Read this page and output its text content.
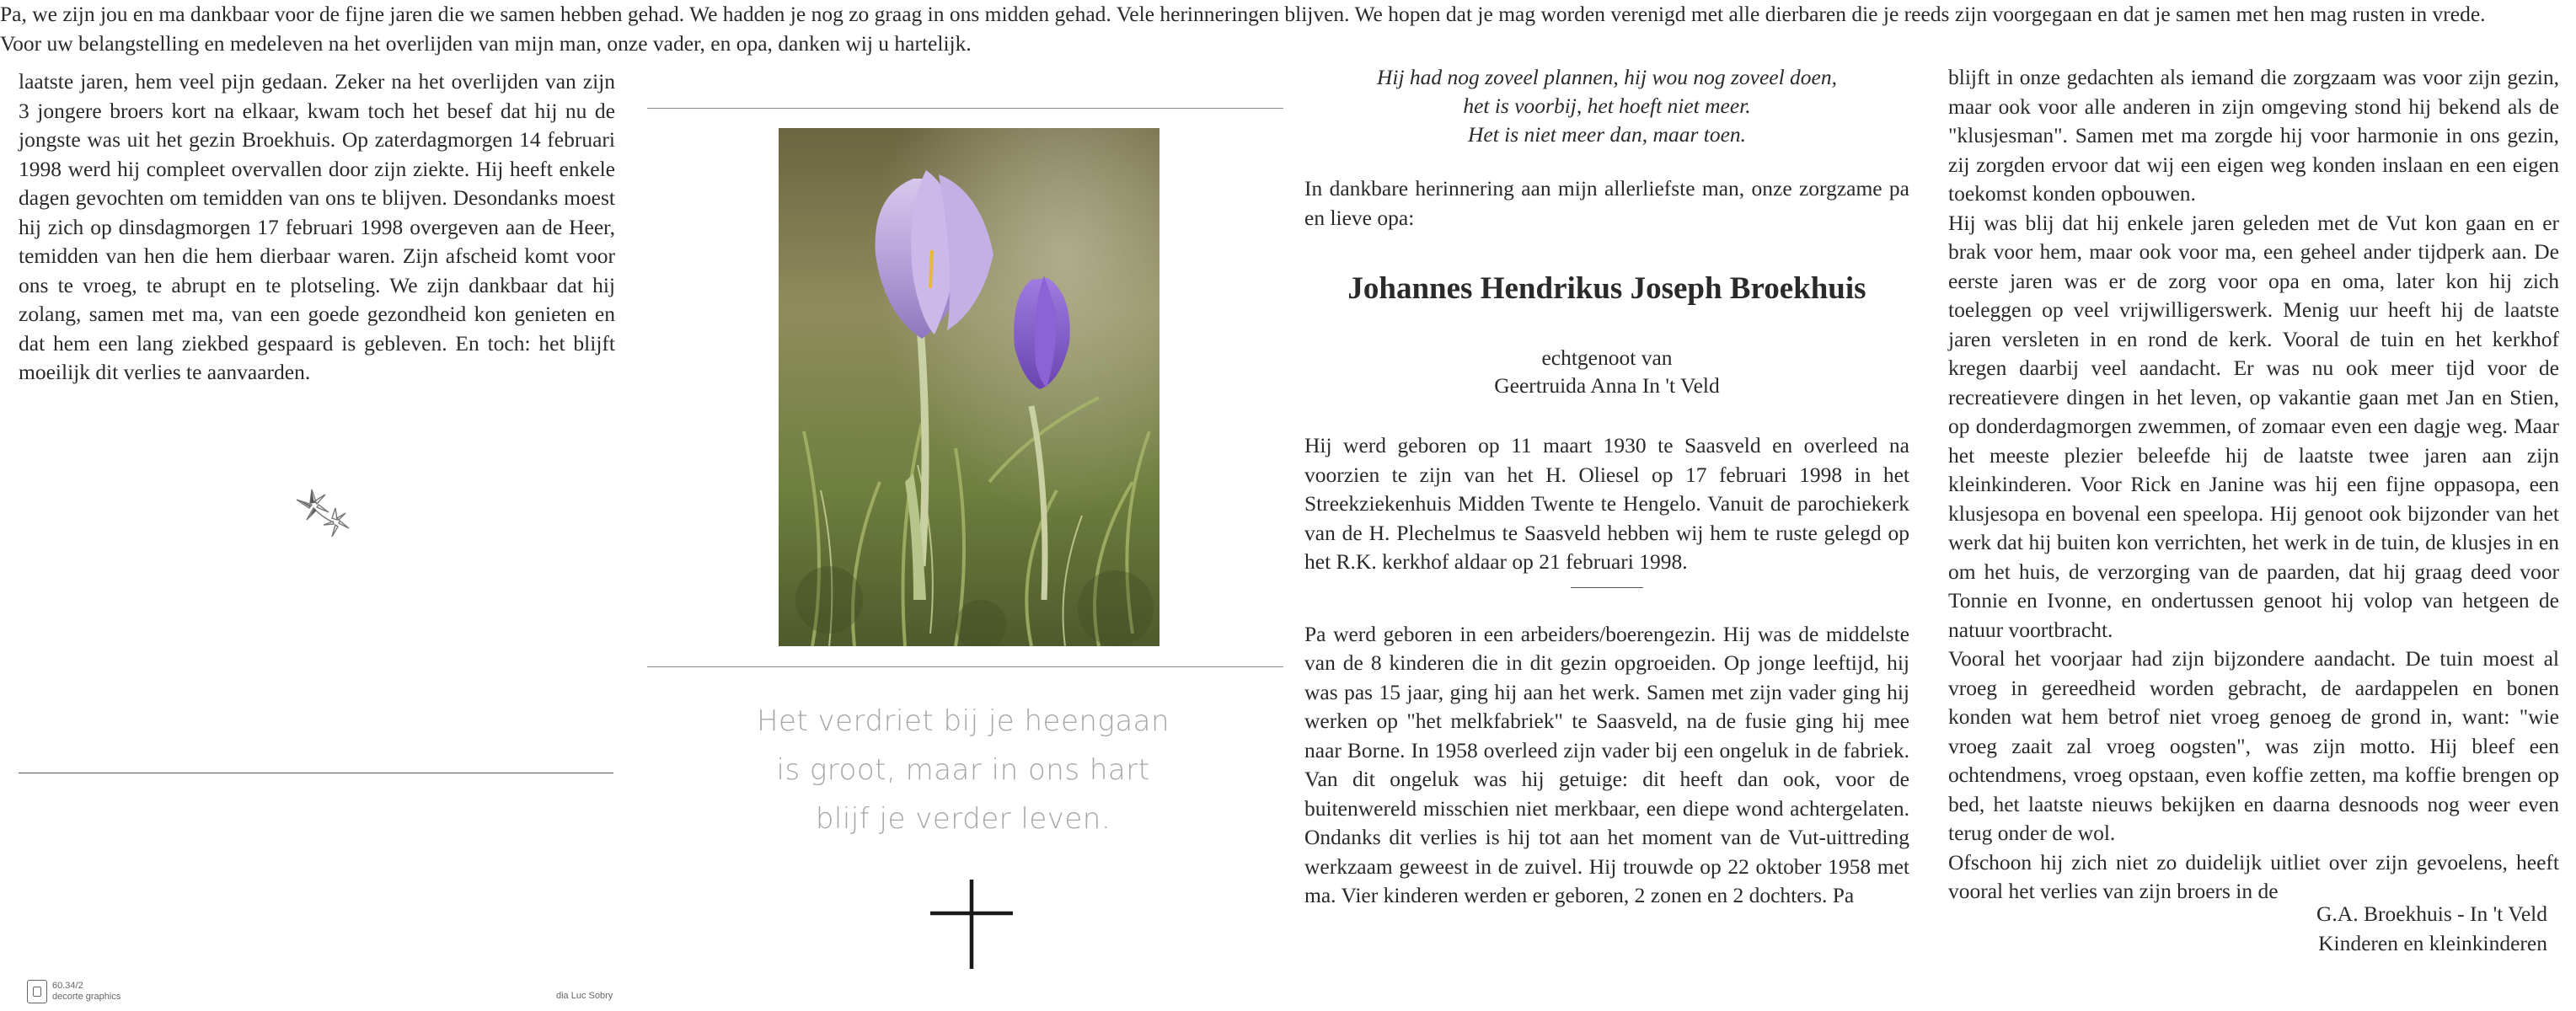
laatste jaren, hem veel pijn gedaan. Zeker na het overlijden van zijn 3 jongere broers kort na elkaar, kwam toch het besef dat hij nu de jongste was uit het gezin Broekhuis. Op zaterdagmorgen 14 februari 1998 werd hij compleet overvallen door zijn ziekte. Hij heeft enkele dagen gevochten om temidden van ons te blijven. Desondanks moest hij zich op dinsdagmorgen 17 februari 1998 overgeven aan de Heer, temidden van hen die hem dierbaar waren. Zijn afscheid komt voor ons te vroeg, te abrupt en te plotseling. We zijn dankbaar dat hij zolang, samen met ma, van een goede gezondheid kon genieten en dat hem een lang ziekbed gespaard is gebleven. En toch: het blijft moeilijk dit verlies te aanvaarden.

Pa, we zijn jou en ma dankbaar voor de fijne jaren die we samen hebben gehad. We hadden je nog zo graag in ons midden gehad. Vele herinneringen blijven. We hopen dat je mag worden verenigd met alle dierbaren die je reeds zijn voorgegaan en dat je samen met hen mag rusten in vrede.

Voor uw belangstelling en medeleven na het overlijden van mijn man, onze vader, en opa, danken wij u hartelijk.

G.A. Broekhuis - In 't Veld
Kinderen en kleinkinderen
60.34/2
decorte graphics	dia Luc Sobry
Het verdriet bij je heengaan
is groot, maar in ons hart
blijf je verder leven.
Hij had nog zoveel plannen, hij wou nog zoveel doen,
het is voorbij, het hoeft niet meer.
Het is niet meer dan, maar toen.

In dankbare herinnering aan mijn allerliefste man, onze zorgzame pa en lieve opa:

Johannes Hendrikus Joseph Broekhuis
echtgenoot van
Geertruida Anna In 't Veld

Hij werd geboren op 11 maart 1930 te Saasveld en overleed na voorzien te zijn van het H. Oliesel op 17 februari 1998 in het Streekziekenhuis Midden Twente te Hengelo. Vanuit de parochiekerk van de H. Plechelmus te Saasveld hebben wij hem te ruste gelegd op het R.K. kerkhof aldaar op 21 februari 1998.

Pa werd geboren in een arbeiders/boerengezin. Hij was de middelste van de 8 kinderen die in dit gezin opgroeiden. Op jonge leeftijd, hij was pas 15 jaar, ging hij aan het werk. Samen met zijn vader ging hij werken op "het melkfabriek" te Saasveld, na de fusie ging hij mee naar Borne. In 1958 overleed zijn vader bij een ongeluk in de fabriek. Van dit ongeluk was hij getuige: dit heeft dan ook, voor de buitenwereld misschien niet merkbaar, een diepe wond achtergelaten. Ondanks dit verlies is hij tot aan het moment van de Vut-uittreding werkzaam geweest in de zuivel. Hij trouwde op 22 oktober 1958 met ma. Vier kinderen werden er geboren, 2 zonen en 2 dochters. Pa

blijft in onze gedachten als iemand die zorgzaam was voor zijn gezin, maar ook voor alle anderen in zijn omgeving stond hij bekend als de "klusjesman". Samen met ma zorgde hij voor harmonie in ons gezin, zij zorgden ervoor dat wij een eigen weg konden inslaan en een eigen toekomst konden opbouwen.

Hij was blij dat hij enkele jaren geleden met de Vut kon gaan en er brak voor hem, maar ook voor ma, een geheel ander tijdperk aan. De eerste jaren was er de zorg voor opa en oma, later kon hij zich toeleggen op veel vrijwilligerswerk. Menig uur heeft hij de laatste jaren versleten in en rond de kerk. Vooral de tuin en het kerkhof kregen daarbij veel aandacht. Er was nu ook meer tijd voor de recreatievere dingen in het leven, op vakantie gaan met Jan en Stien, op donderdagmorgen zwemmen, of zomaar even een dagje weg. Maar het meeste plezier beleefde hij de laatste twee jaren aan zijn kleinkinderen. Voor Rick en Janine was hij een fijne oppasopa, een klusjesopa en bovenal een speelopa. Hij genoot ook bijzonder van het werk dat hij buiten kon verrichten, het werk in de tuin, de klusjes in en om het huis, de verzorging van de paarden, dat hij graag deed voor Tonnie en Ivonne, en ondertussen genoot hij volop van hetgeen de natuur voortbracht.

Vooral het voorjaar had zijn bijzondere aandacht. De tuin moest al vroeg in gereedheid worden gebracht, de aardappelen en bonen konden wat hem betrof niet vroeg genoeg de grond in, want: "wie vroeg zaait zal vroeg oogsten", was zijn motto. Hij bleef een ochtendmens, vroeg opstaan, even koffie zetten, ma koffie brengen op bed, het laatste nieuws bekijken en daarna desnoods nog weer even terug onder de wol.

Ofschoon hij zich niet zo duidelijk uitliet over zijn gevoelens, heeft vooral het verlies van zijn broers in de
